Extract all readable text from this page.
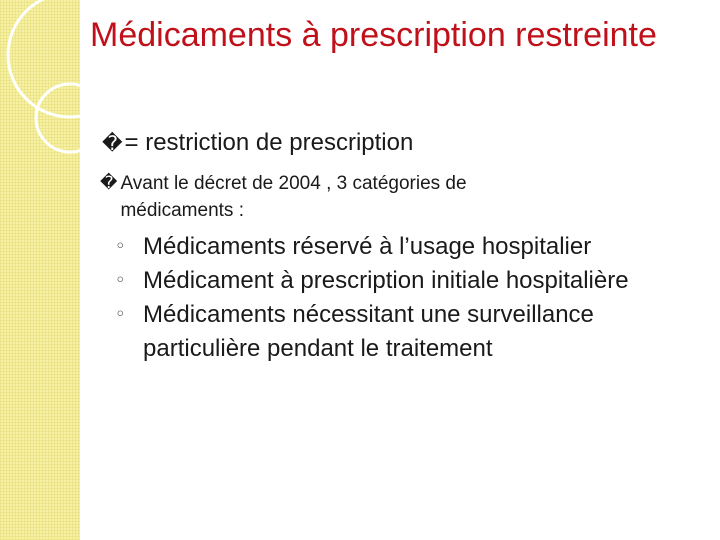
Médicaments à prescription restreinte
� = restriction de prescription
� Avant le décret de 2004 , 3 catégories de médicaments :
◦ Médicaments réservé à l’usage hospitalier
◦ Médicament à prescription initiale hospitalière
◦ Médicaments nécessitant une surveillance particulière pendant le traitement
